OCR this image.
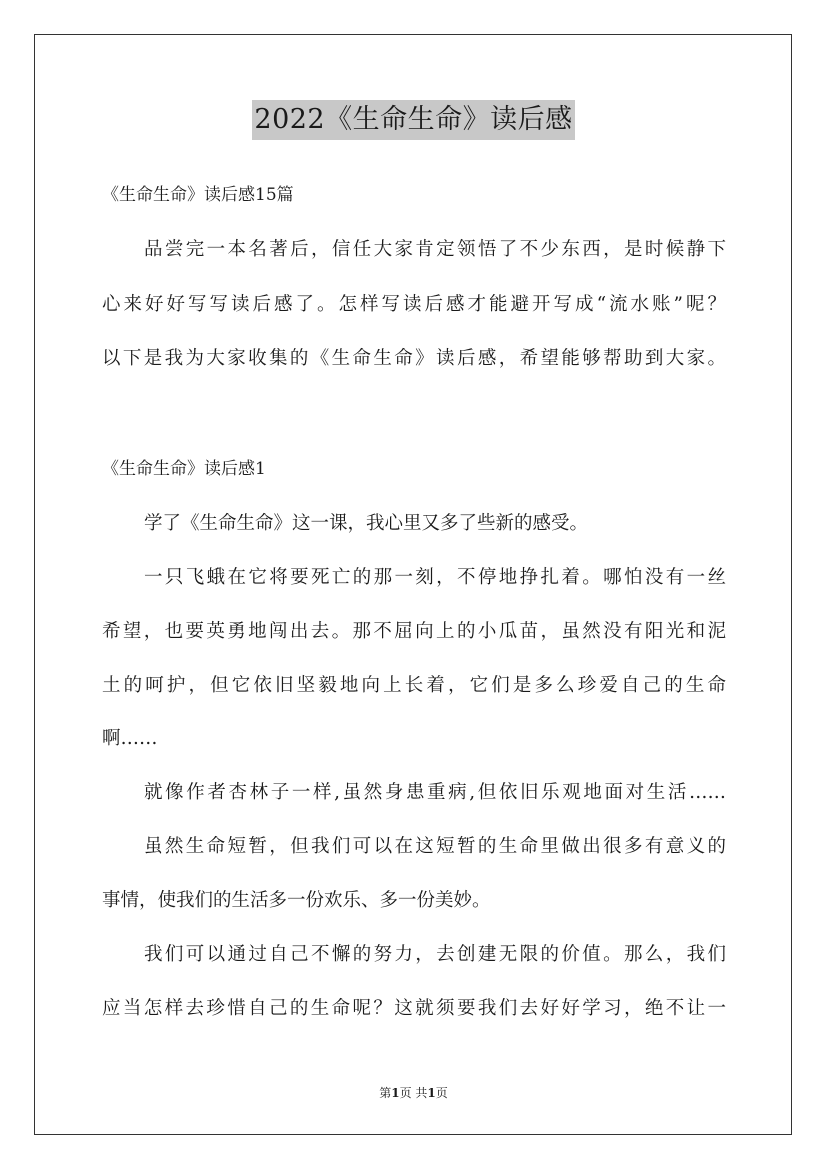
2022《生命生命》读后感
《生命生命》读后感15篇
品尝完一本名著后，信任大家肯定领悟了不少东西，是时候静下
心来好好写写读后感了。怎样写读后感才能避开写成“流水账”呢？
以下是我为大家收集的《生命生命》读后感，希望能够帮助到大家。
《生命生命》读后感1
学了《生命生命》这一课，我心里又多了些新的感受。
一只飞蛾在它将要死亡的那一刻，不停地挣扎着。哪怕没有一丝
希望，也要英勇地闯出去。那不屈向上的小瓜苗，虽然没有阳光和泥
土的呵护，但它依旧坚毅地向上长着，它们是多么珍爱自己的生命
啊……
就像作者杏林子一样,虽然身患重病,但依旧乐观地面对生活……
虽然生命短暂，但我们可以在这短暂的生命里做出很多有意义的
事情，使我们的生活多一份欢乐、多一份美妙。
我们可以通过自己不懈的努力，去创建无限的价值。那么，我们
应当怎样去珍惜自己的生命呢？这就须要我们去好好学习，绝不让一
第1页 共1页
